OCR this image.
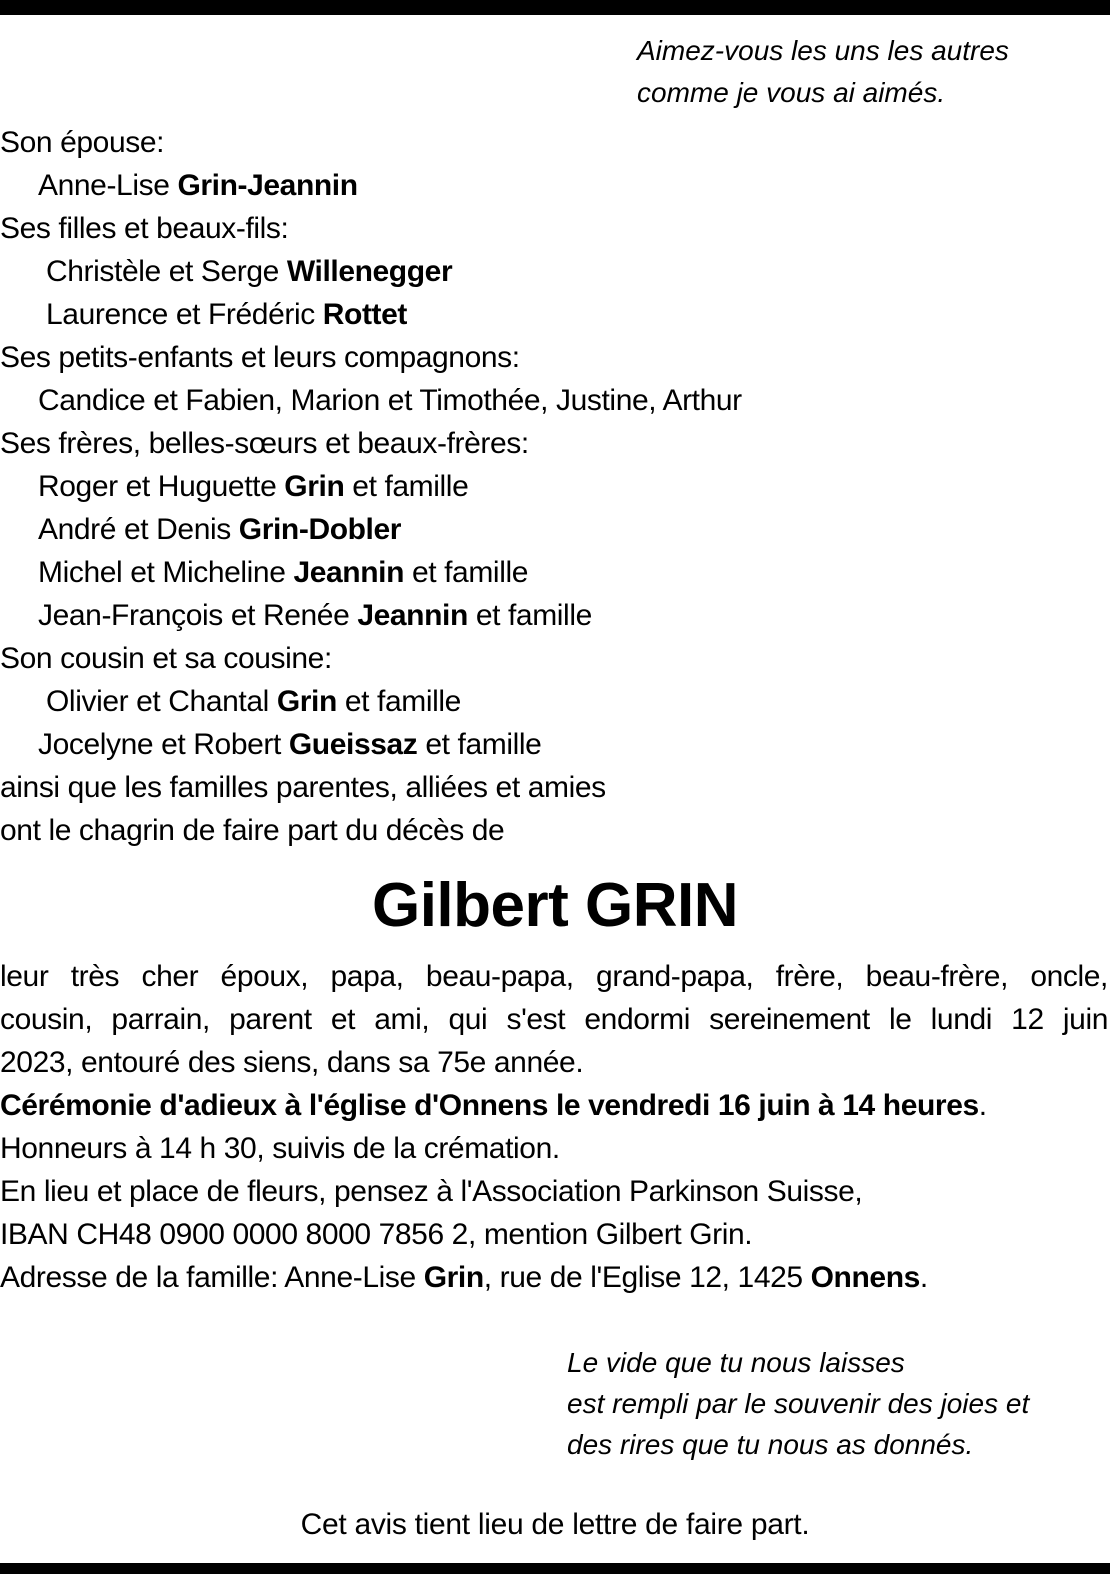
Aimez-vous les uns les autres
comme je vous ai aimés.
Son épouse:
Anne-Lise Grin-Jeannin
Ses filles et beaux-fils:
Christèle et Serge Willenegger
Laurence et Frédéric Rottet
Ses petits-enfants et leurs compagnons:
Candice et Fabien, Marion et Timothée, Justine, Arthur
Ses frères, belles-sœurs et beaux-frères:
Roger et Huguette Grin et famille
André et Denis Grin-Dobler
Michel et Micheline Jeannin et famille
Jean-François et Renée Jeannin et famille
Son cousin et sa cousine:
Olivier et Chantal Grin et famille
Jocelyne et Robert Gueissaz et famille
ainsi que les familles parentes, alliées et amies
ont le chagrin de faire part du décès de
Gilbert GRIN
leur très cher époux, papa, beau-papa, grand-papa, frère, beau-frère, oncle,
cousin, parrain, parent et ami, qui s'est endormi sereinement le lundi 12 juin
2023, entouré des siens, dans sa 75e année.
Cérémonie d'adieux à l'église d'Onnens le vendredi 16 juin à 14 heures.
Honneurs à 14 h 30, suivis de la crémation.
En lieu et place de fleurs, pensez à l'Association Parkinson Suisse,
IBAN CH48 0900 0000 8000 7856 2, mention Gilbert Grin.
Adresse de la famille: Anne-Lise Grin, rue de l'Eglise 12, 1425 Onnens.
Le vide que tu nous laisses
est rempli par le souvenir des joies et
des rires que tu nous as donnés.
Cet avis tient lieu de lettre de faire part.
